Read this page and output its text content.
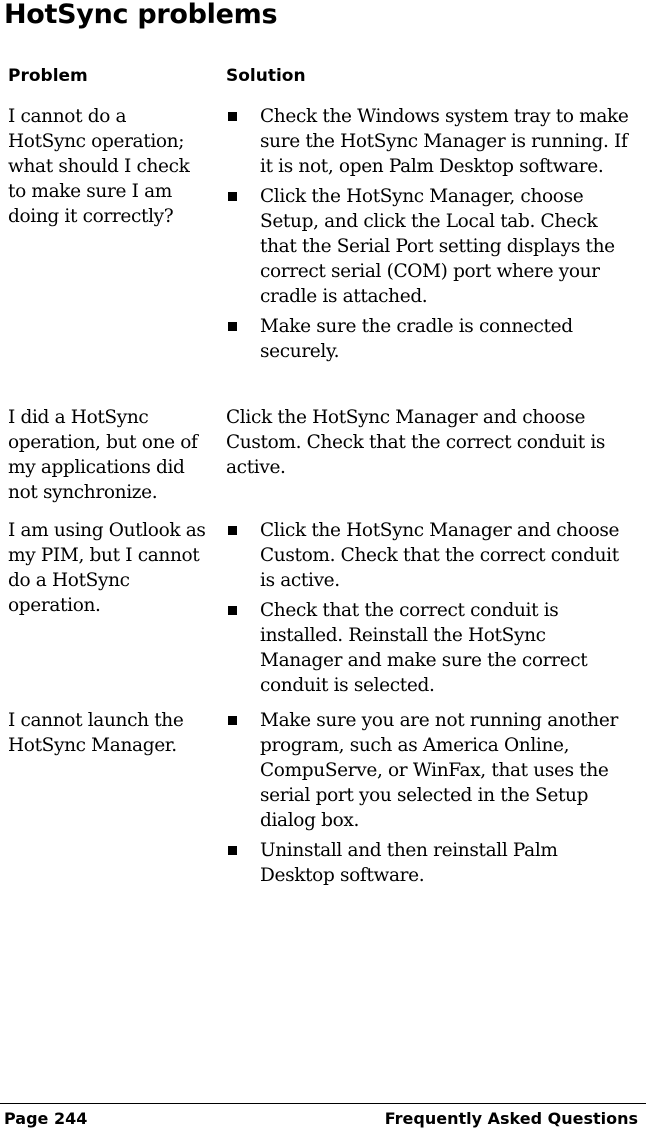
HotSync problems
Problem	Solution
I cannot do a HotSync operation; what should I check to make sure I am doing it correctly?
Check the Windows system tray to make sure the HotSync Manager is running. If it is not, open Palm Desktop software.
Click the HotSync Manager, choose Setup, and click the Local tab. Check that the Serial Port setting displays the correct serial (COM) port where your cradle is attached.
Make sure the cradle is connected securely.
I did a HotSync operation, but one of my applications did not synchronize.
Click the HotSync Manager and choose Custom. Check that the correct conduit is active.
I am using Outlook as my PIM, but I cannot do a HotSync operation.
Click the HotSync Manager and choose Custom. Check that the correct conduit is active.
Check that the correct conduit is installed. Reinstall the HotSync Manager and make sure the correct conduit is selected.
I cannot launch the HotSync Manager.
Make sure you are not running another program, such as America Online, CompuServe, or WinFax, that uses the serial port you selected in the Setup dialog box.
Uninstall and then reinstall Palm Desktop software.
Page 244	Frequently Asked Questions
